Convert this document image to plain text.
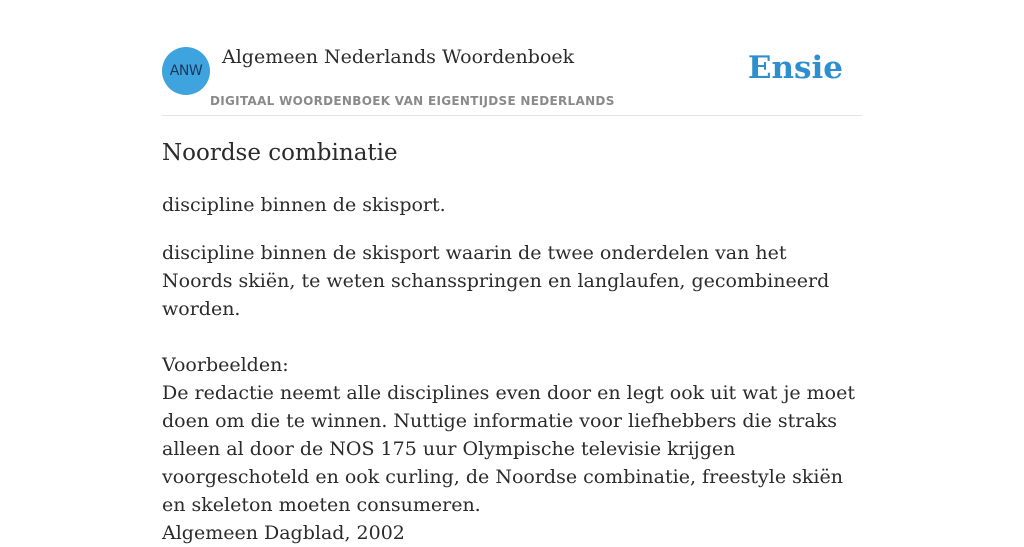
ANW
Algemeen Nederlands Woordenboek
DIGITAAL WOORDENBOEK VAN EIGENTIJDSE NEDERLANDS
Ensie
Noordse combinatie
discipline binnen de skisport.

discipline binnen de skisport waarin de twee onderdelen van het Noords skiën, te weten schansspringen en langlaufen, gecombineerd worden.

Voorbeelden:

De redactie neemt alle disciplines even door en legt ook uit wat je moet doen om die te winnen. Nuttige informatie voor liefhebbers die straks alleen al door de NOS 175 uur Olympische televisie krijgen voorgeschoteld en ook curling, de Noordse combinatie, freestyle skiën en skeleton moeten consumeren.

Algemeen Dagblad, 2002
